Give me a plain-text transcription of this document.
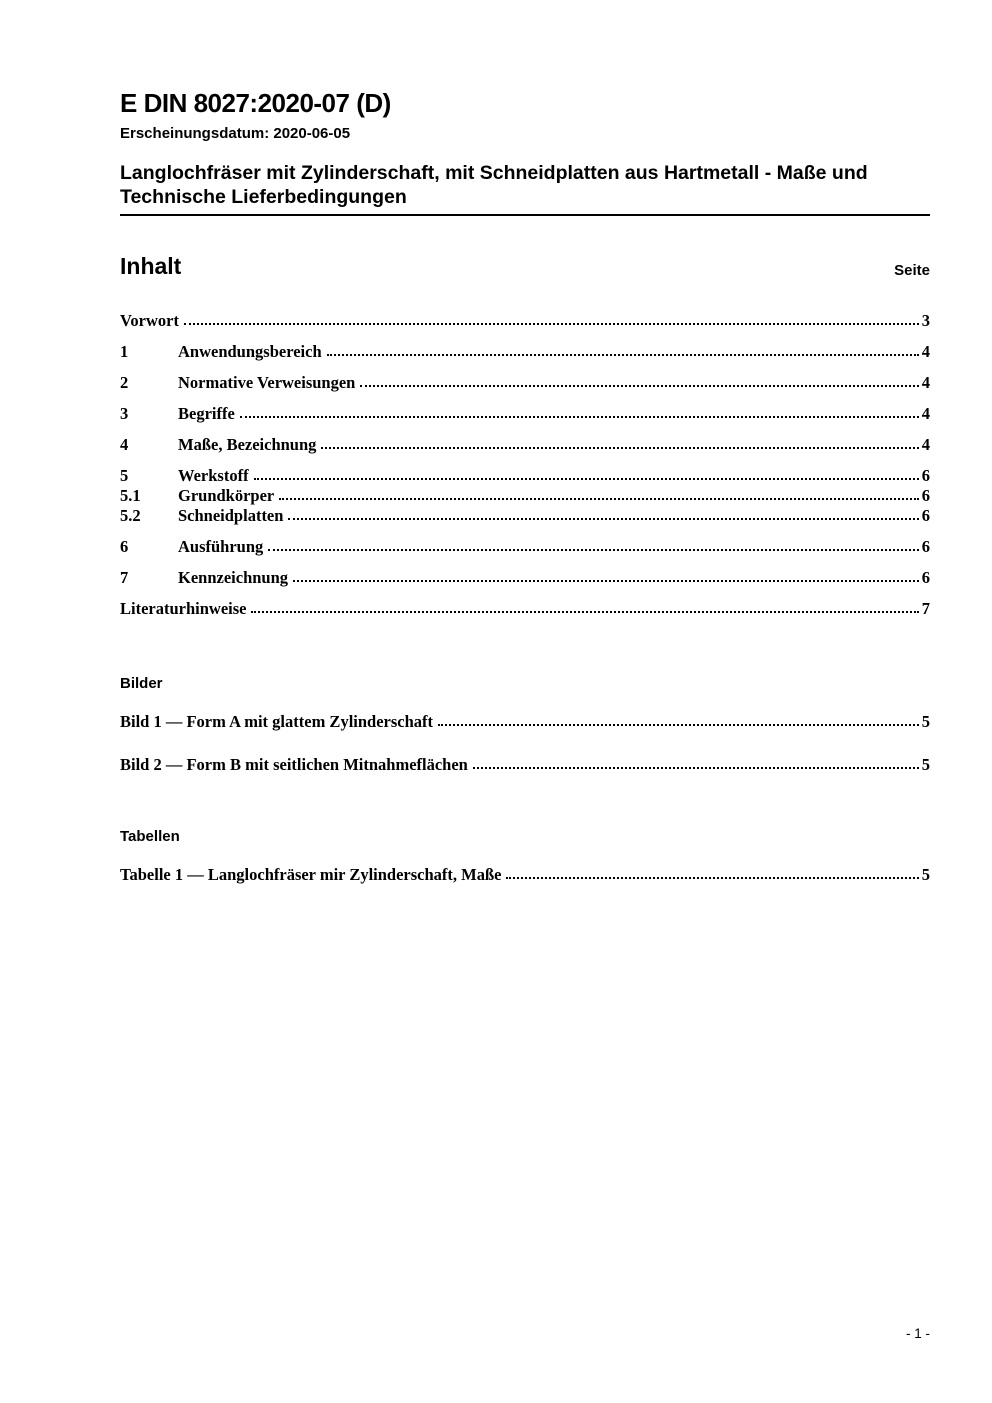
E DIN 8027:2020-07 (D)
Erscheinungsdatum: 2020-06-05
Langlochfräser mit Zylinderschaft, mit Schneidplatten aus Hartmetall - Maße und
Technische Lieferbedingungen
Inhalt	Seite
Vorwort	3
1	Anwendungsbereich	4
2	Normative Verweisungen	4
3	Begriffe	4
4	Maße, Bezeichnung	4
5	Werkstoff	6
5.1	Grundkörper	6
5.2	Schneidplatten	6
6	Ausführung	6
7	Kennzeichnung	6
Literaturhinweise	7
Bilder
Bild 1 — Form A mit glattem Zylinderschaft	5
Bild 2 — Form B mit seitlichen Mitnahmeflächen	5
Tabellen
Tabelle 1 — Langlochfräser mir Zylinderschaft, Maße	5
- 1 -
